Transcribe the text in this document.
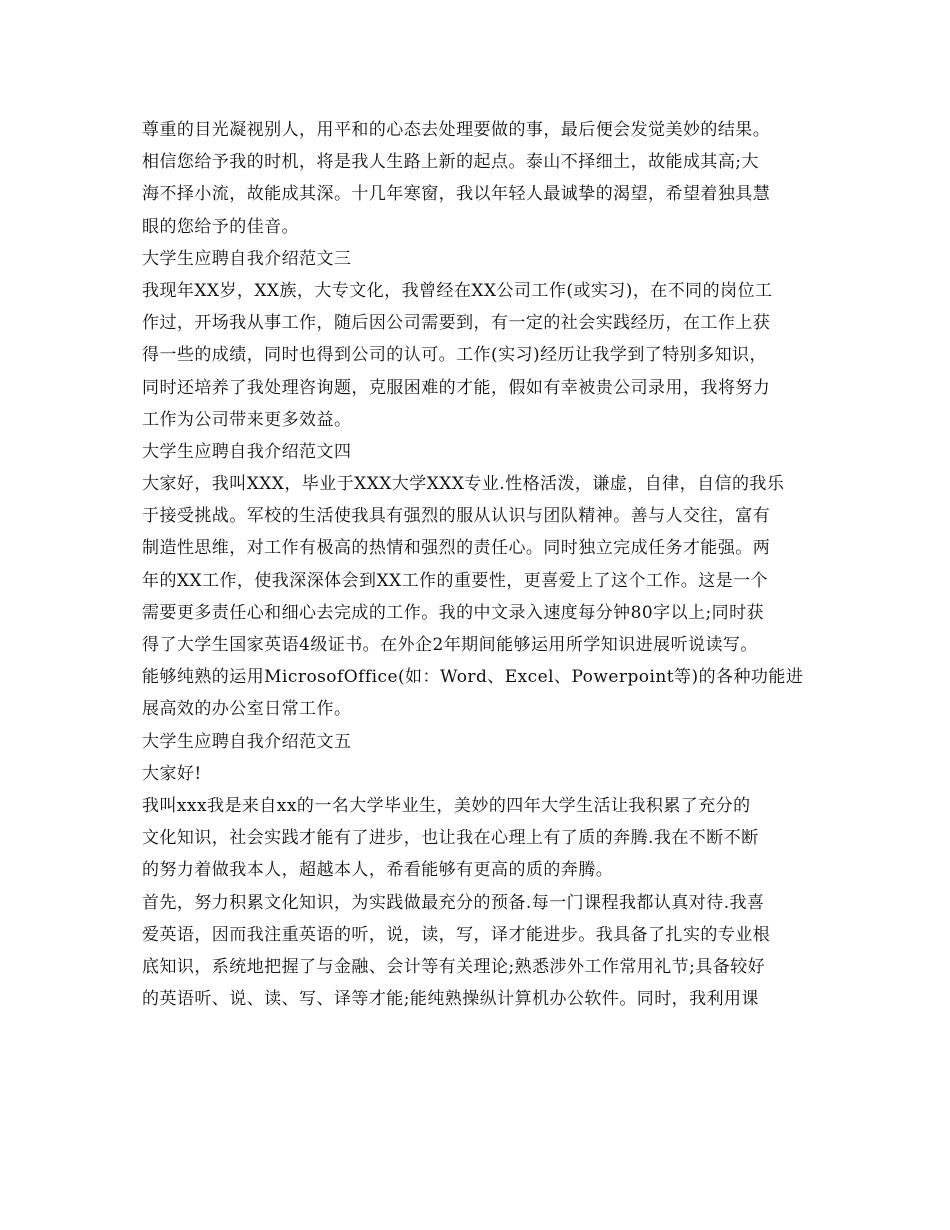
尊重的目光凝视别人，用平和的心态去处理要做的事，最后便会发觉美妙的结果。
相信您给予我的时机，将是我人生路上新的起点。泰山不择细土，故能成其高;大
海不择小流，故能成其深。十几年寒窗，我以年轻人最诚挚的渴望，希望着独具慧
眼的您给予的佳音。
大学生应聘自我介绍范文三
我现年XX岁，XX族，大专文化，我曾经在XX公司工作(或实习)，在不同的岗位工
作过，开场我从事工作，随后因公司需要到，有一定的社会实践经历，在工作上获
得一些的成绩，同时也得到公司的认可。工作(实习)经历让我学到了特别多知识，
同时还培养了我处理咨询题，克服困难的才能，假如有幸被贵公司录用，我将努力
工作为公司带来更多效益。
大学生应聘自我介绍范文四
大家好，我叫XXX，毕业于XXX大学XXX专业.性格活泼，谦虚，自律，自信的我乐
于接受挑战。军校的生活使我具有强烈的服从认识与团队精神。善与人交往，富有
制造性思维，对工作有极高的热情和强烈的责任心。同时独立完成任务才能强。两
年的XX工作，使我深深体会到XX工作的重要性，更喜爱上了这个工作。这是一个
需要更多责任心和细心去完成的工作。我的中文录入速度每分钟80字以上;同时获
得了大学生国家英语4级证书。在外企2年期间能够运用所学知识进展听说读写。
能够纯熟的运用MicrosofOffice(如：Word、Excel、Powerpoint等)的各种功能进
展高效的办公室日常工作。
大学生应聘自我介绍范文五
大家好!
我叫xxx我是来自xx的一名大学毕业生，美妙的四年大学生活让我积累了充分的
文化知识，社会实践才能有了进步，也让我在心理上有了质的奔腾.我在不断不断
的努力着做我本人，超越本人，希看能够有更高的质的奔腾。
首先，努力积累文化知识，为实践做最充分的预备.每一门课程我都认真对待.我喜
爱英语，因而我注重英语的听，说，读，写，译才能进步。我具备了扎实的专业根
底知识，系统地把握了与金融、会计等有关理论;熟悉涉外工作常用礼节;具备较好
的英语听、说、读、写、译等才能;能纯熟操纵计算机办公软件。同时，我利用课
